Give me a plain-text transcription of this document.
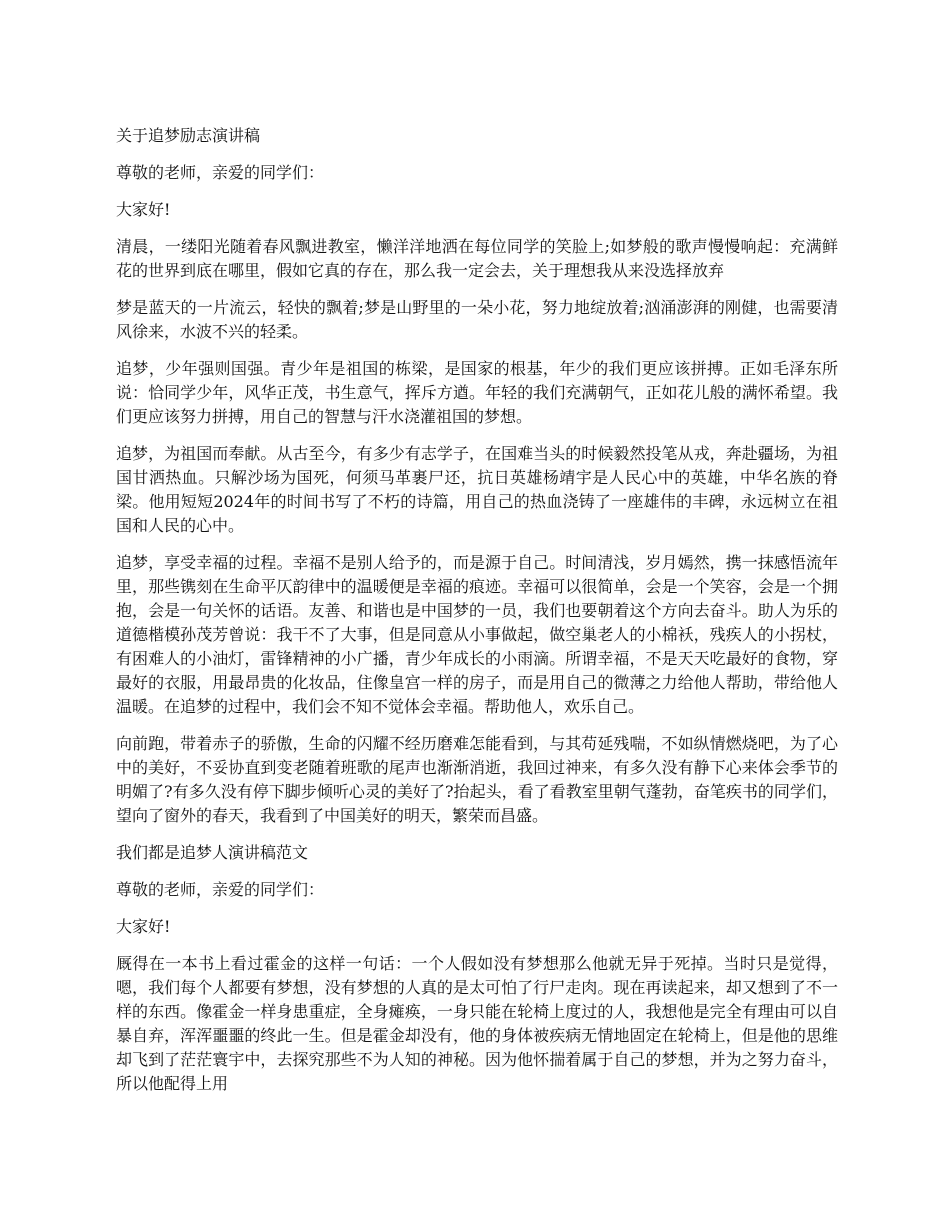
关于追梦励志演讲稿

尊敬的老师，亲爱的同学们：

大家好!

清晨，一缕阳光随着春风飘进教室，懒洋洋地洒在每位同学的笑脸上;如梦般的歌声慢慢响起：充满鲜花的世界到底在哪里，假如它真的存在，那么我一定会去，关于理想我从来没选择放弃

梦是蓝天的一片流云，轻快的飘着;梦是山野里的一朵小花，努力地绽放着;汹涌澎湃的刚健，也需要清风徐来，水波不兴的轻柔。

追梦，少年强则国强。青少年是祖国的栋梁，是国家的根基，年少的我们更应该拼搏。正如毛泽东所说：恰同学少年，风华正茂，书生意气，挥斥方遒。年轻的我们充满朝气，正如花儿般的满怀希望。我们更应该努力拼搏，用自己的智慧与汗水浇灌祖国的梦想。

追梦，为祖国而奉献。从古至今，有多少有志学子，在国难当头的时候毅然投笔从戎，奔赴疆场，为祖国甘洒热血。只解沙场为国死，何须马革裹尸还，抗日英雄杨靖宇是人民心中的英雄，中华名族的脊梁。他用短短2024年的时间书写了不朽的诗篇，用自己的热血浇铸了一座雄伟的丰碑，永远树立在祖国和人民的心中。

追梦，享受幸福的过程。幸福不是别人给予的，而是源于自己。时间清浅，岁月嫣然，携一抹感悟流年里，那些镌刻在生命平仄韵律中的温暖便是幸福的痕迹。幸福可以很简单，会是一个笑容，会是一个拥抱，会是一句关怀的话语。友善、和谐也是中国梦的一员，我们也要朝着这个方向去奋斗。助人为乐的道德楷模孙茂芳曾说：我干不了大事，但是同意从小事做起，做空巢老人的小棉袄，残疾人的小拐杖，有困难人的小油灯，雷锋精神的小广播，青少年成长的小雨滴。所谓幸福，不是天天吃最好的食物，穿最好的衣服，用最昂贵的化妆品，住像皇宫一样的房子，而是用自己的微薄之力给他人帮助，带给他人温暖。在追梦的过程中，我们会不知不觉体会幸福。帮助他人，欢乐自己。

向前跑，带着赤子的骄傲，生命的闪耀不经历磨难怎能看到，与其苟延残喘，不如纵情燃烧吧，为了心中的美好，不妥协直到变老随着班歌的尾声也渐渐消逝，我回过神来，有多久没有静下心来体会季节的明媚了?有多久没有停下脚步倾听心灵的美好了?抬起头，看了看教室里朝气蓬勃，奋笔疾书的同学们，望向了窗外的春天，我看到了中国美好的明天，繁荣而昌盛。

我们都是追梦人演讲稿范文

尊敬的老师，亲爱的同学们：

大家好!

厩得在一本书上看过霍金的这样一句话：一个人假如没有梦想那么他就无异于死掉。当时只是觉得，嗯，我们每个人都要有梦想，没有梦想的人真的是太可怕了行尸走肉。现在再读起来，却又想到了不一样的东西。像霍金一样身患重症，全身瘫痪，一身只能在轮椅上度过的人，我想他是完全有理由可以自暴自弃，浑浑噩噩的终此一生。但是霍金却没有，他的身体被疾病无情地固定在轮椅上，但是他的思维却飞到了茫茫寰宇中，去探究那些不为人知的神秘。因为他怀揣着属于自己的梦想，并为之努力奋斗，所以他配得上用
